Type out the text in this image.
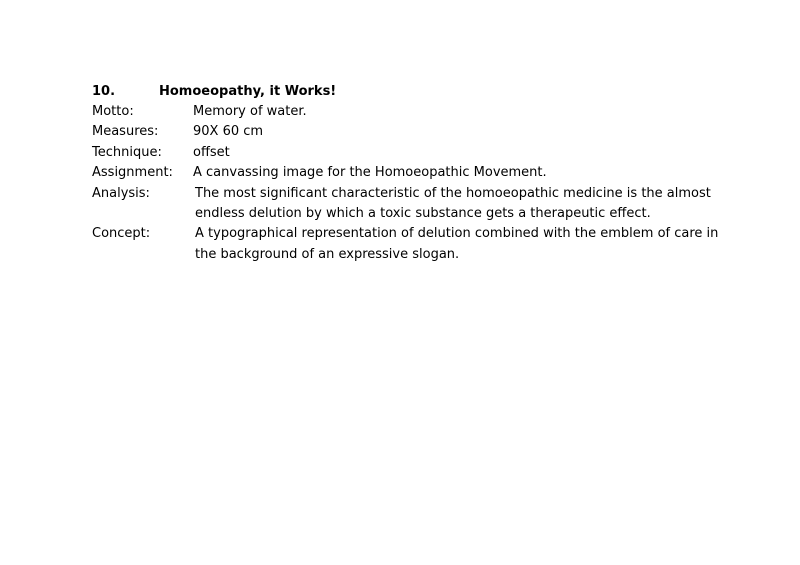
10.	Homoeopathy, it Works!
Motto:	Memory of water.
Measures:	90X 60 cm
Technique:	offset
Assignment:	A canvassing image for the Homoeopathic Movement.
Analysis:	The most significant characteristic of the homoeopathic medicine is the almost endless delution by which a toxic substance gets a therapeutic effect.
Concept:	A typographical representation of delution combined with the emblem of care in the background of an expressive slogan.
